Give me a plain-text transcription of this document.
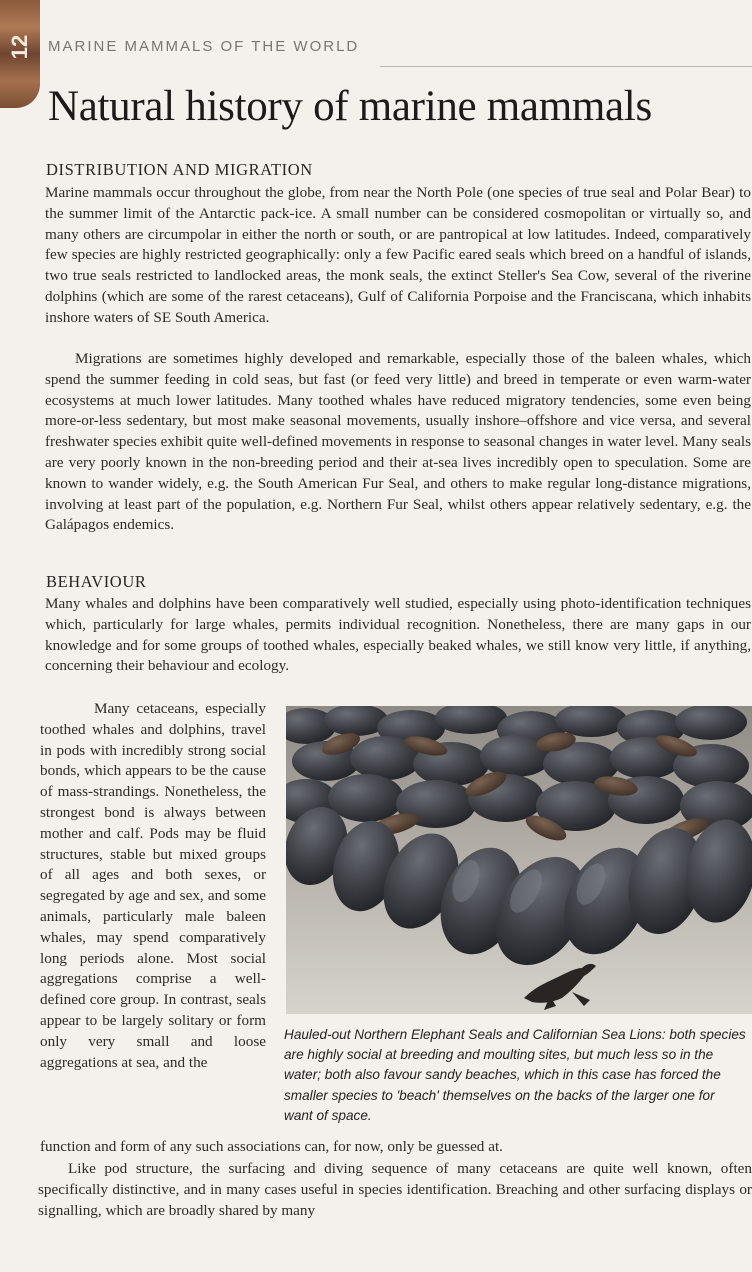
12 MARINE MAMMALS OF THE WORLD
Natural history of marine mammals
DISTRIBUTION AND MIGRATION

Marine mammals occur throughout the globe, from near the North Pole (one species of true seal and Polar Bear) to the summer limit of the Antarctic pack-ice. A small number can be considered cosmopolitan or virtually so, and many others are circumpolar in either the north or south, or are pantropical at low latitudes. Indeed, comparatively few species are highly restricted geographically: only a few Pacific eared seals which breed on a handful of islands, two true seals restricted to landlocked areas, the monk seals, the extinct Steller's Sea Cow, several of the riverine dolphins (which are some of the rarest cetaceans), Gulf of California Porpoise and the Franciscana, which inhabits inshore waters of SE South America.

Migrations are sometimes highly developed and remarkable, especially those of the baleen whales, which spend the summer feeding in cold seas, but fast (or feed very little) and breed in temperate or even warm-water ecosystems at much lower latitudes. Many toothed whales have reduced migratory tendencies, some even being more-or-less sedentary, but most make seasonal movements, usually inshore–offshore and vice versa, and several freshwater species exhibit quite well-defined movements in response to seasonal changes in water level. Many seals are very poorly known in the non-breeding period and their at-sea lives incredibly open to speculation. Some are known to wander widely, e.g. the South American Fur Seal, and others to make regular long-distance migrations, involving at least part of the population, e.g. Northern Fur Seal, whilst others appear relatively sedentary, e.g. the Galápagos endemics.

BEHAVIOUR

Many whales and dolphins have been comparatively well studied, especially using photo-identification techniques which, particularly for large whales, permits individual recognition. Nonetheless, there are many gaps in our knowledge and for some groups of toothed whales, especially beaked whales, we still know very little, if anything, concerning their behaviour and ecology.

Many cetaceans, especially toothed whales and dolphins, travel in pods with incredibly strong social bonds, which appears to be the cause of mass-strandings. Nonetheless, the strongest bond is always between mother and calf. Pods may be fluid structures, stable but mixed groups of all ages and both sexes, or segregated by age and sex, and some animals, particularly male baleen whales, may spend comparatively long periods alone. Most social aggregations comprise a well-defined core group. In contrast, seals appear to be largely solitary or form only very small and loose aggregations at sea, and the

Hauled-out Northern Elephant Seals and Californian Sea Lions: both species are highly social at breeding and moulting sites, but much less so in the water; both also favour sandy beaches, which in this case has forced the smaller species to 'beach' themselves on the backs of the larger one for want of space.

function and form of any such associations can, for now, only be guessed at.

Like pod structure, the surfacing and diving sequence of many cetaceans are quite well known, often specifically distinctive, and in many cases useful in species identification. Breaching and other surfacing displays or signalling, which are broadly shared by many
